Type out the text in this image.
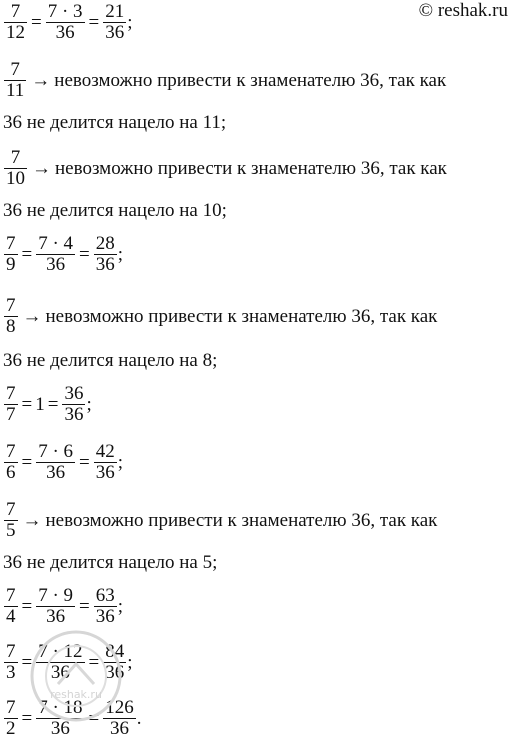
© reshak.ru
$\frac{7}{12} = \frac{7 \cdot 3}{36} = \frac{21}{36}$ ;
$\frac{7}{11}$ → невозможно привести к знаменателю 36, так как
36 не делится нацело на 11;
$\frac{7}{10}$ → невозможно привести к знаменателю 36, так как
36 не делится нацело на 10;
$\frac{7}{9} = \frac{7 \cdot 4}{36} = \frac{28}{36}$ ;
$\frac{7}{8}$ → невозможно привести к знаменателю 36, так как
36 не делится нацело на 8;
$\frac{7}{7} = 1 = \frac{36}{36}$ ;
$\frac{7}{6} = \frac{7 \cdot 6}{36} = \frac{42}{36}$ ;
$\frac{7}{5}$ → невозможно привести к знаменателю 36, так как
36 не делится нацело на 5;
$\frac{7}{4} = \frac{7 \cdot 9}{36} = \frac{63}{36}$ ;
$\frac{7}{3} = \frac{7 \cdot 12}{36} = \frac{84}{36}$ ;
$\frac{7}{2} = \frac{7 \cdot 18}{36} = \frac{126}{36}$ .
reshak.ru
